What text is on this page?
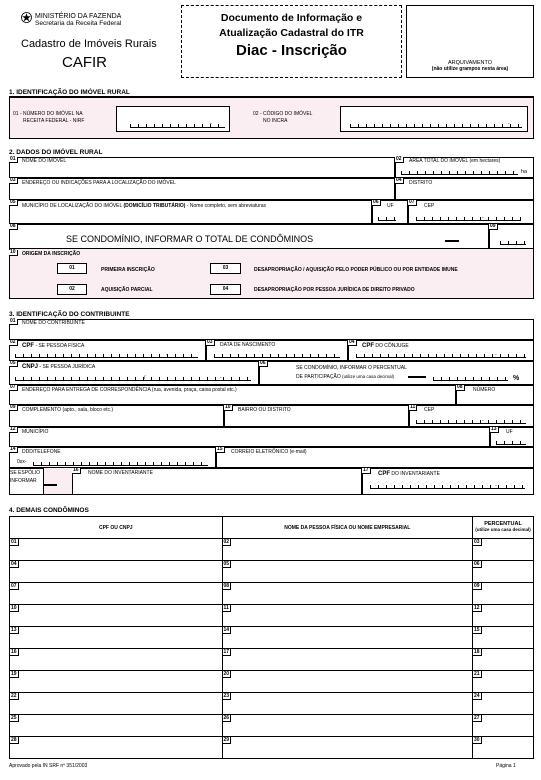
MINISTÉRIO DA FAZENDA
Secretaria da Receita Federal
Cadastro de Imóveis Rurais
CAFIR
Documento de Informação e
Atualização Cadastral do ITR
Diac - Inscrição
ARQUIVAMENTO
(não utilize grampos nesta área)
1. IDENTIFICAÇÃO DO IMÓVEL RURAL
01 - NÚMERO DO IMÓVEL NA
RECEITA FEDERAL - NIRF	-
02 - CÓDIGO DO IMÓVEL
NO INCRA	-
2. DADOS DO IMÓVEL RURAL
01	NOME DO IMÓVEL	02	ÁREA TOTAL DO IMÓVEL (em hectares)
ha
03	ENDEREÇO OU INDICAÇÕES PARA A LOCALIZAÇÃO DO IMÓVEL	04	DISTRITO
05
MUNICÍPIO DE LOCALIZAÇÃO DO IMÓVEL (DOMICÍLIO TRIBUTÁRIO) - Nome completo, sem abreviaturas
06
UF
07
CEP
-
08
SE CONDOMÍNIO, INFORMAR O TOTAL DE CONDÔMINOS
09
10	ORIGEM DA INSCRIÇÃO
01	PRIMEIRA INSCRIÇÃO
02	AQUISIÇÃO PARCIAL
03	DESAPROPRIAÇÃO / AQUISIÇÃO PELO PODER PÚBLICO OU POR ENTIDADE IMUNE
04	DESAPROPRIAÇÃO POR PESSOA JURÍDICA DE DIREITO PRIVADO
3. IDENTIFICAÇÃO DO CONTRIBUINTE
01	NOME DO CONTRIBUINTE
02
CPF - SE PESSOA FÍSICA
-
03	DATA DE NASCIMENTO	04
CPF DO CÔNJUGE
-
05
CNPJ - SE PESSOA JURÍDICA
/	-
06
SE CONDOMÍNIO, INFORMAR O PERCENTUAL
DE PARTICIPAÇÃO (utilize uma casa decimal)	%
07	ENDEREÇO PARA ENTREGA DE CORRESPONDÊNCIA (rua, avenida, praça, caixa postal etc.)	08	NÚMERO
09	COMPLEMENTO (apto., sala, bloco etc.)	10	BAIRRO OU DISTRITO	11	CEP
-
12	MUNICÍPIO	13	UF
14	DDD/TELEFONE
0xx-
15	CORREIO ELETRÔNICO (e-mail)
SE ESPÓLIO
INFORMAR
16	NOME DO INVENTARIANTE	17
CPF DO INVENTARIANTE
-
4. DEMAIS CONDÔMINOS
CPF OU CNPJ	NOME DA PESSOA FÍSICA OU NOME EMPRESARIAL	PERCENTUAL
(utilize uma casa decimal)

01	02	03
04	05	06
07	08	09
10	11	12
13	14	15
16	17	18
19	20	21
22	23	24
25	26	27
28	29	30
Aprovado pela IN SRF nº 351/2003	Página 1
